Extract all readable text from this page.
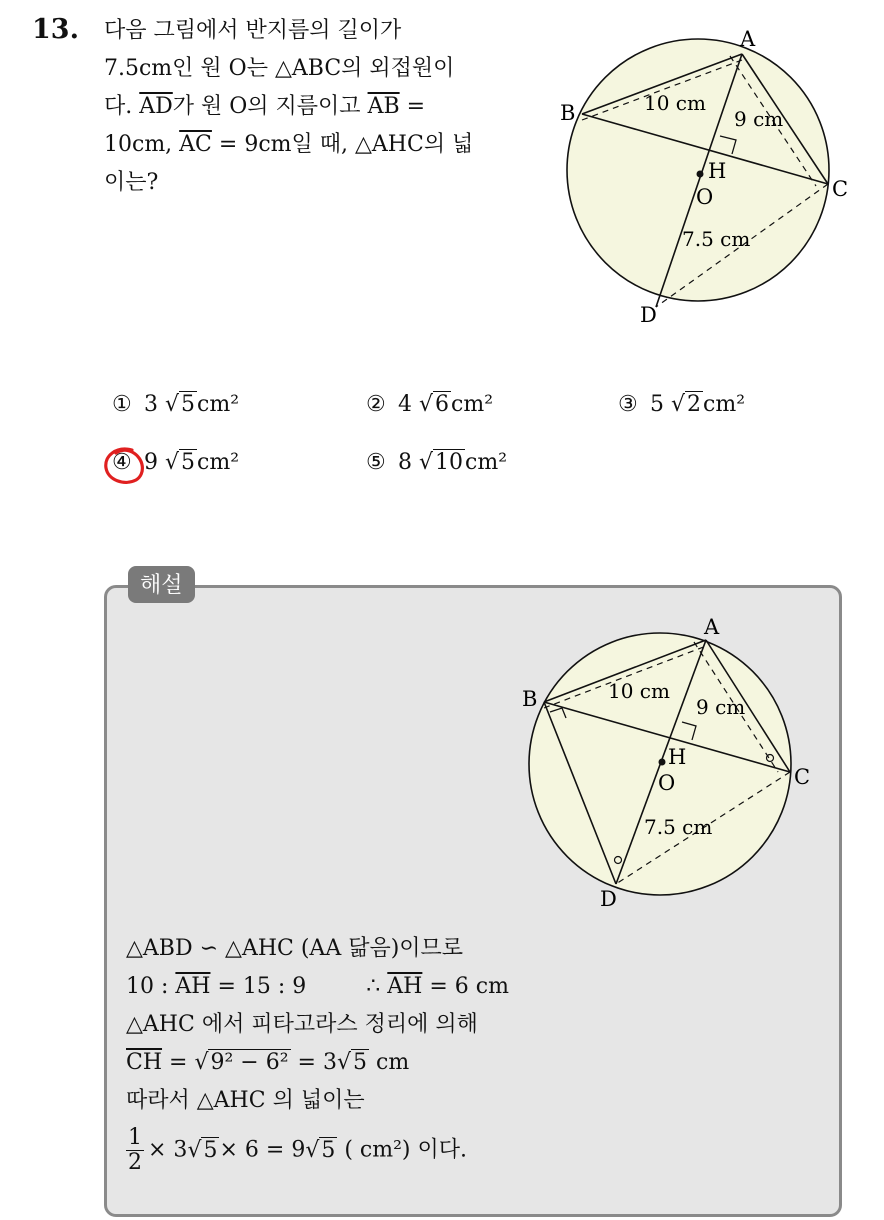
13. 다음 그림에서 반지름의 길이가
7.5cm인 원 O는 △ABC의 외접원이
다. $\overline{AD}$가 원 O의 지름이고 $\overline{AB}$ =
10cm, $\overline{AC} = 9cm$일 때, △AHC의 넓
이는?
A
B
C
D
H
O
10 cm
9 cm
7.5 cm
① 3 √5cm²	② 4 √6cm²	③ 5 √2cm²
④ 9 √5cm²	⑤ 8 √10cm²
해설
A
B
C
D
H
O
10 cm
9 cm
7.5 cm
△ABD ∽ △AHC (AA 닮음)이므로
10 : $\overline{AH} = 15$ : 9	∴ $\overline{AH} = 6$ cm
△AHC 에서 피타고라스 정리에 의해
$\overline{CH} = √9^2 - 6^2 = 3√5$ cm
따라서 △AHC 의 넓이는
$\frac{1}{2} \times 3√5\times 6 = 9√5$ ( cm²) 이다.
